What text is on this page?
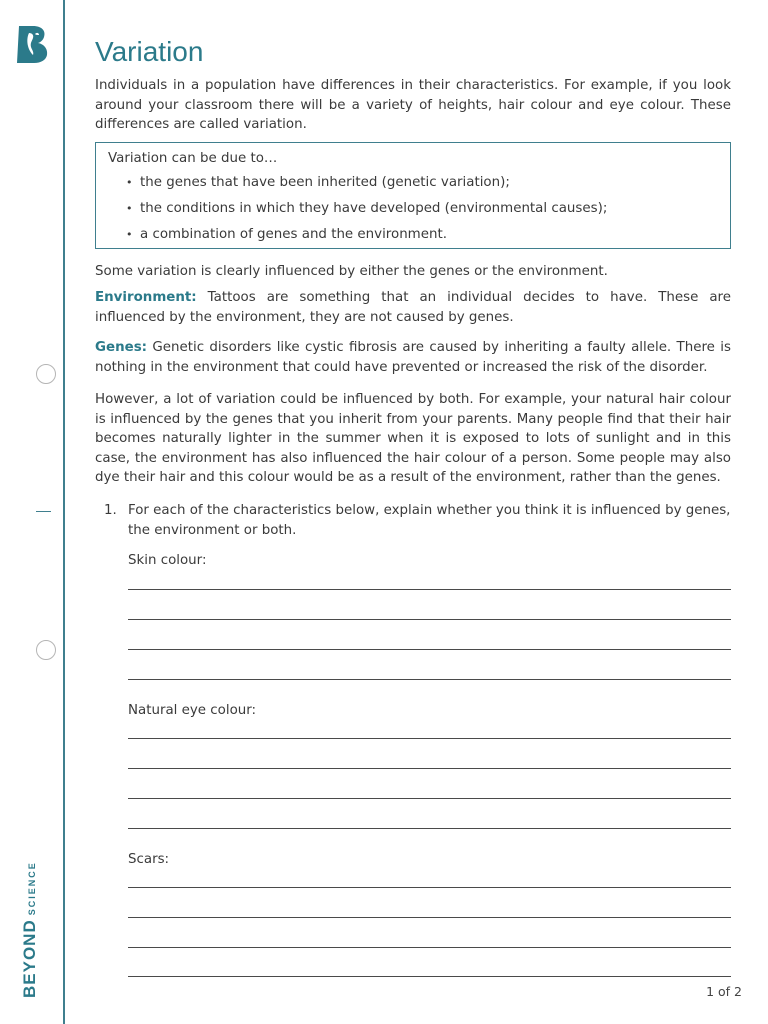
BEYONDSCIENCE
Variation

Individuals in a population have differences in their characteristics. For example, if you look around your classroom there will be a variety of heights, hair colour and eye colour. These differences are called variation.

Variation can be due to…

• the genes that have been inherited (genetic variation);
• the conditions in which they have developed (environmental causes);
• a combination of genes and the environment.

Some variation is clearly influenced by either the genes or the environment.

Environment: Tattoos are something that an individual decides to have. These are influenced by the environment, they are not caused by genes.

Genes: Genetic disorders like cystic fibrosis are caused by inheriting a faulty allele. There is nothing in the environment that could have prevented or increased the risk of the disorder.

However, a lot of variation could be influenced by both. For example, your natural hair colour is influenced by the genes that you inherit from your parents. Many people find that their hair becomes naturally lighter in the summer when it is exposed to lots of sunlight and in this case, the environment has also influenced the hair colour of a person. Some people may also dye their hair and this colour would be as a result of the environment, rather than the genes.

1. For each of the characteristics below, explain whether you think it is influenced by genes, the environment or both.

Skin colour:
Natural eye colour:
Scars:
1 of 2
